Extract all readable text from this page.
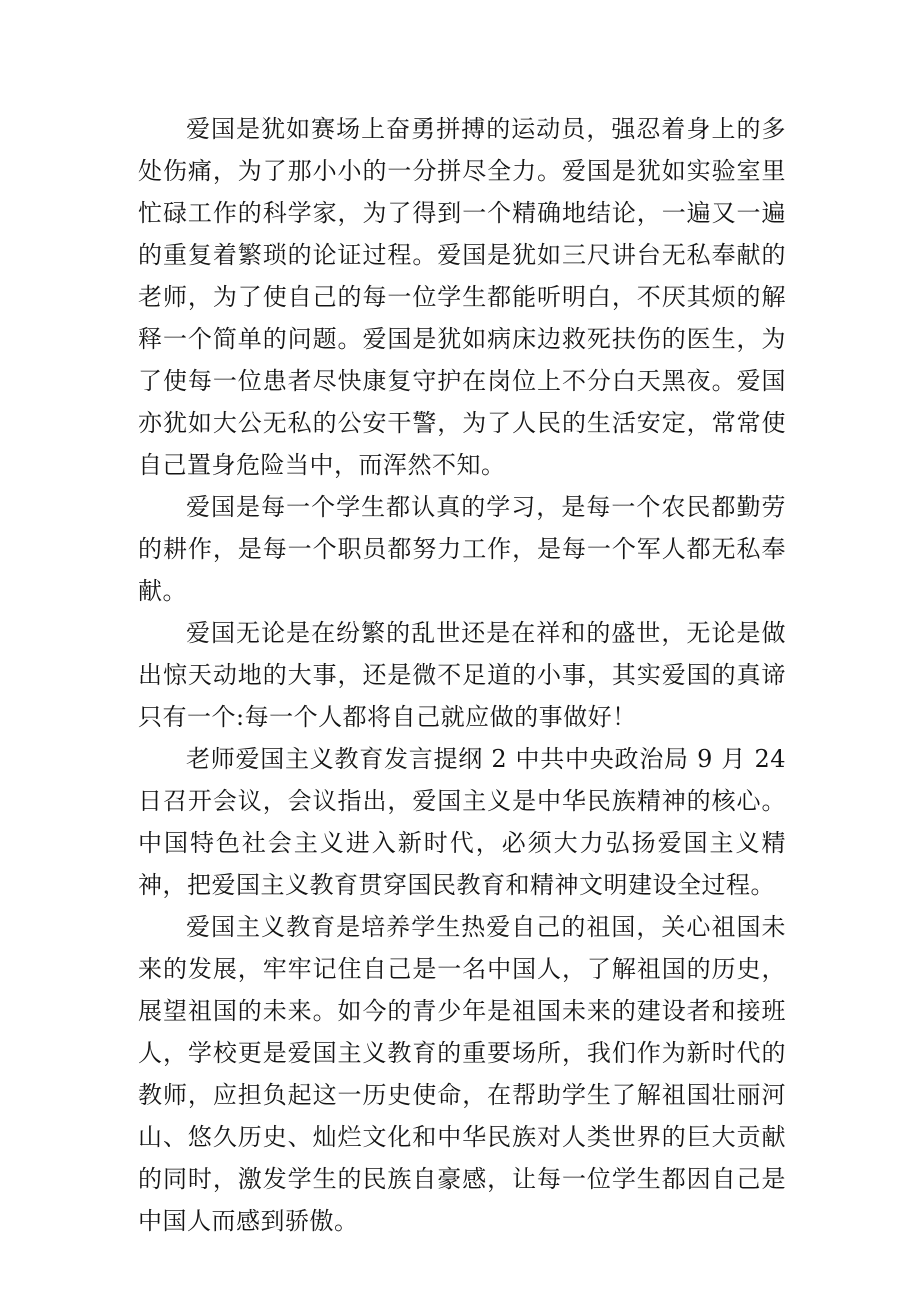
爱国是犹如赛场上奋勇拼搏的运动员，强忍着身上的多处伤痛，为了那小小的一分拼尽全力。爱国是犹如实验室里忙碌工作的科学家，为了得到一个精确地结论，一遍又一遍的重复着繁琐的论证过程。爱国是犹如三尺讲台无私奉献的老师，为了使自己的每一位学生都能听明白，不厌其烦的解释一个简单的问题。爱国是犹如病床边救死扶伤的医生，为了使每一位患者尽快康复守护在岗位上不分白天黑夜。爱国亦犹如大公无私的公安干警，为了人民的生活安定，常常使自己置身危险当中，而浑然不知。

爱国是每一个学生都认真的学习，是每一个农民都勤劳的耕作，是每一个职员都努力工作，是每一个军人都无私奉献。

爱国无论是在纷繁的乱世还是在祥和的盛世，无论是做出惊天动地的大事，还是微不足道的小事，其实爱国的真谛只有一个:每一个人都将自己就应做的事做好！

老师爱国主义教育发言提纲 2 中共中央政治局 9 月 24 日召开会议，会议指出，爱国主义是中华民族精神的核心。中国特色社会主义进入新时代，必须大力弘扬爱国主义精神，把爱国主义教育贯穿国民教育和精神文明建设全过程。

爱国主义教育是培养学生热爱自己的祖国，关心祖国未来的发展，牢牢记住自己是一名中国人，了解祖国的历史，展望祖国的未来。如今的青少年是祖国未来的建设者和接班人，学校更是爱国主义教育的重要场所，我们作为新时代的教师，应担负起这一历史使命，在帮助学生了解祖国壮丽河山、悠久历史、灿烂文化和中华民族对人类世界的巨大贡献的同时，激发学生的民族自豪感，让每一位学生都因自己是中国人而感到骄傲。
